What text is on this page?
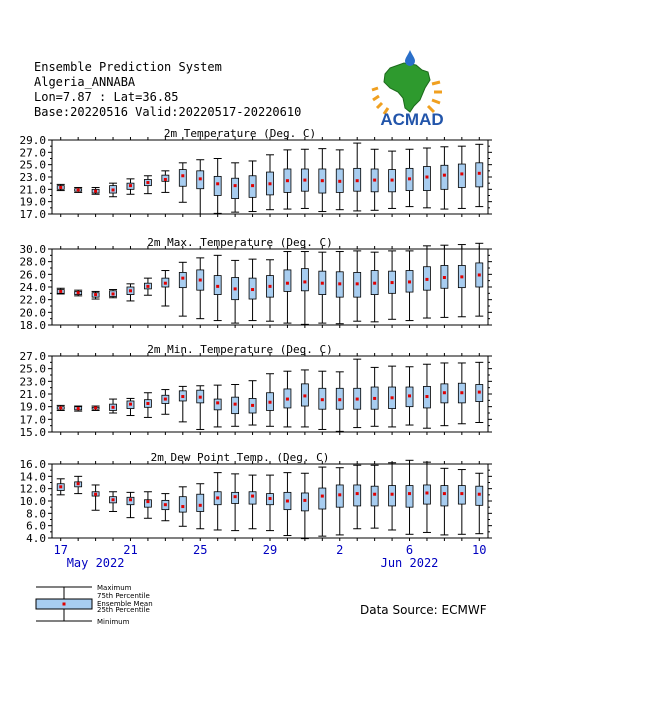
Ensemble Prediction System
Algeria_ANNABA
Lon=7.87 : Lat=36.85
Base:20220516 Valid:20220517-20220610	ACMAD
2m Temperature (Deg. C)
17.0
19.0
21.0
23.0
25.0
27.0
29.0
2m Max. Temperature (Deg. C)
18.0
20.0
22.0
24.0
26.0
28.0
30.0
2m Min. Temperature (Deg. C)
15.0
17.0
19.0
21.0
23.0
25.0
27.0
2m Dew Point Temp. (Deg. C)
4.0
6.0
8.0
10.0
12.0
14.0
16.0
17	21	25	29	2	6	10
May 2022	Jun 2022
Maximum
75th Percentile
Ensemble Mean
25th Percentile
Minimum
Data Source: ECMWF
